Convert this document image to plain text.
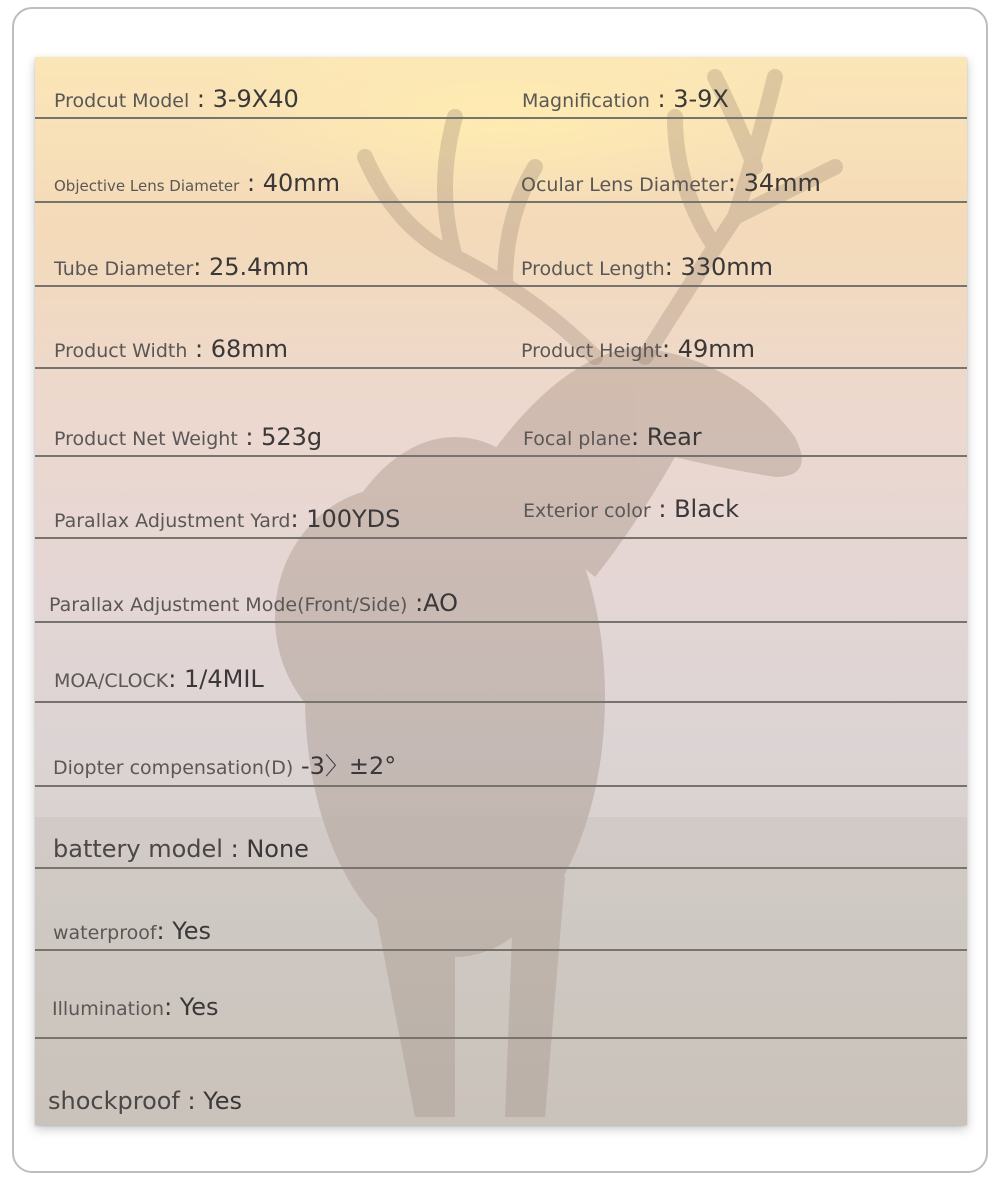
Prodcut Model : 3-9X40	Magnification : 3-9X
Objective Lens Diameter : 40mm	Ocular Lens Diameter: 34mm
Tube Diameter: 25.4mm	Product Length: 330mm
Product Width : 68mm	Product Height: 49mm
Product Net Weight : 523g	Focal plane: Rear
Parallax Adjustment Yard: 100YDS	Exterior color : Black
Parallax Adjustment Mode(Front/Side) :AO
MOA/CLOCK: 1/4MIL
Diopter compensation(D) -3〉±2°
battery model : None
waterproof: Yes
Illumination: Yes
shockproof : Yes
